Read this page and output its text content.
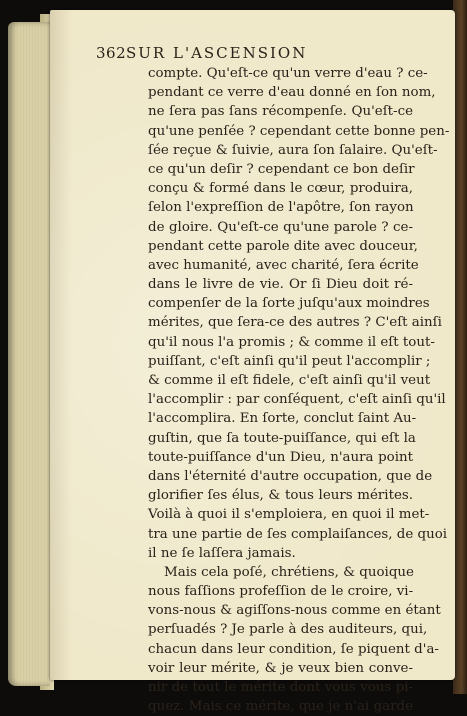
362 SUR L'ASCENSION
compte. Qu'eſt-ce qu'un verre d'eau ? ce-
pendant ce verre d'eau donné en ſon nom,
ne ſera pas ſans récompenſe. Qu'eſt-ce
qu'une penſée ? cependant cette bonne pen-
ſée reçue & ſuivie, aura ſon ſalaire. Qu'eſt-
ce qu'un deſir ? cependant ce bon deſir
conçu & formé dans le cœur, produira,
ſelon l'expreſſion de l'apôtre, ſon rayon
de gloire. Qu'eſt-ce qu'une parole ? ce-
pendant cette parole dite avec douceur,
avec humanité, avec charité, ſera écrite
dans le livre de vie. Or ſi Dieu doit ré-
compenſer de la ſorte juſqu'aux moindres
mérites, que ſera-ce des autres ? C'eſt ainſi
qu'il nous l'a promis ; & comme il eſt tout-
puiſſant, c'eſt ainſi qu'il peut l'accomplir ;
& comme il eſt fidele, c'eſt ainſi qu'il veut
l'accomplir : par conſéquent, c'eſt ainſi qu'il
l'accomplira. En ſorte, conclut ſaint Au-
guſtin, que ſa toute-puiſſance, qui eſt la
toute-puiſſance d'un Dieu, n'aura point
dans l'éternité d'autre occupation, que de
glorifier ſes élus, & tous leurs mérites.
Voilà à quoi il s'emploiera, en quoi il met-
tra une partie de ſes complaiſances, de quoi
il ne ſe laſſera jamais.
Mais cela poſé, chrétiens, & quoique
nous faſſions profeſſion de le croire, vi-
vons-nous & agiſſons-nous comme en étant
perſuadés ? Je parle à des auditeurs, qui,
chacun dans leur condition, ſe piquent d'a-
voir leur mérite, & je veux bien conve-
nir de tout le mérite dont vous vous pi-
quez. Mais ce mérite, que je n'ai garde
